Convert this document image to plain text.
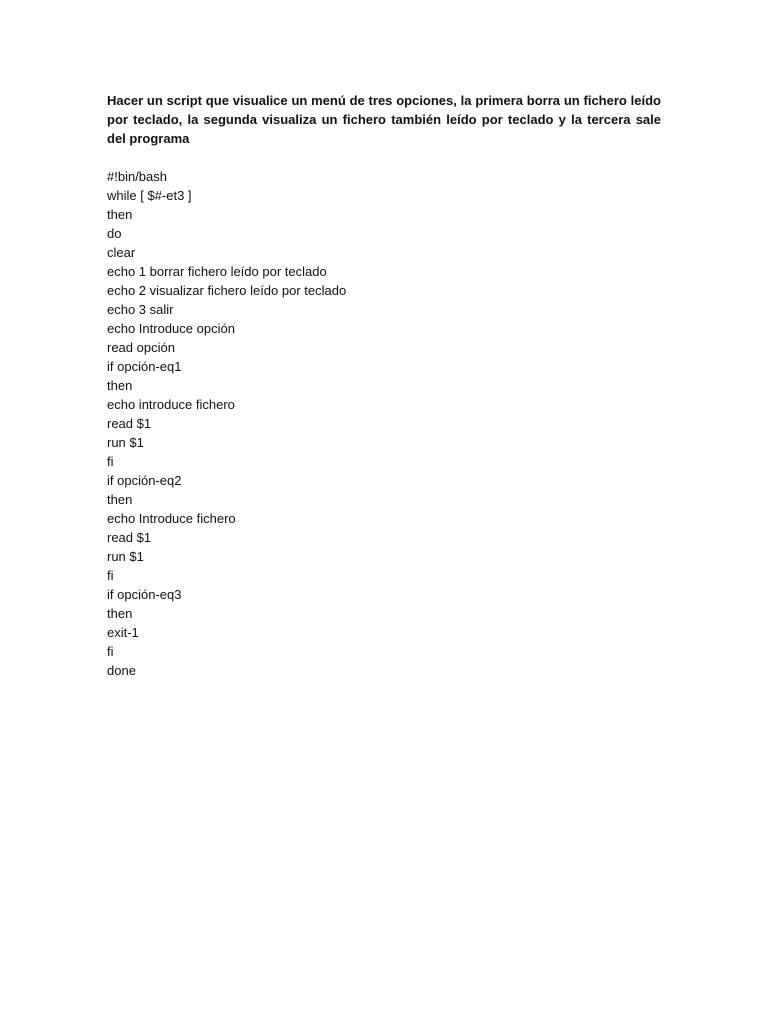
Hacer un script que visualice un menú de tres opciones, la primera borra un fichero leído por teclado, la segunda visualiza un fichero también leído por teclado y la tercera sale del programa

#!bin/bash
while [ $#-et3 ]
then
do
clear
echo 1 borrar fichero leído por teclado
echo 2 visualizar fichero leído por teclado
echo 3 salir
echo Introduce opción
read opción
if opción-eq1
then
echo introduce fichero
read $1
run $1
fi
if opción-eq2
then
echo Introduce fichero
read $1
run $1
fi
if opción-eq3
then
exit-1
fi
done
